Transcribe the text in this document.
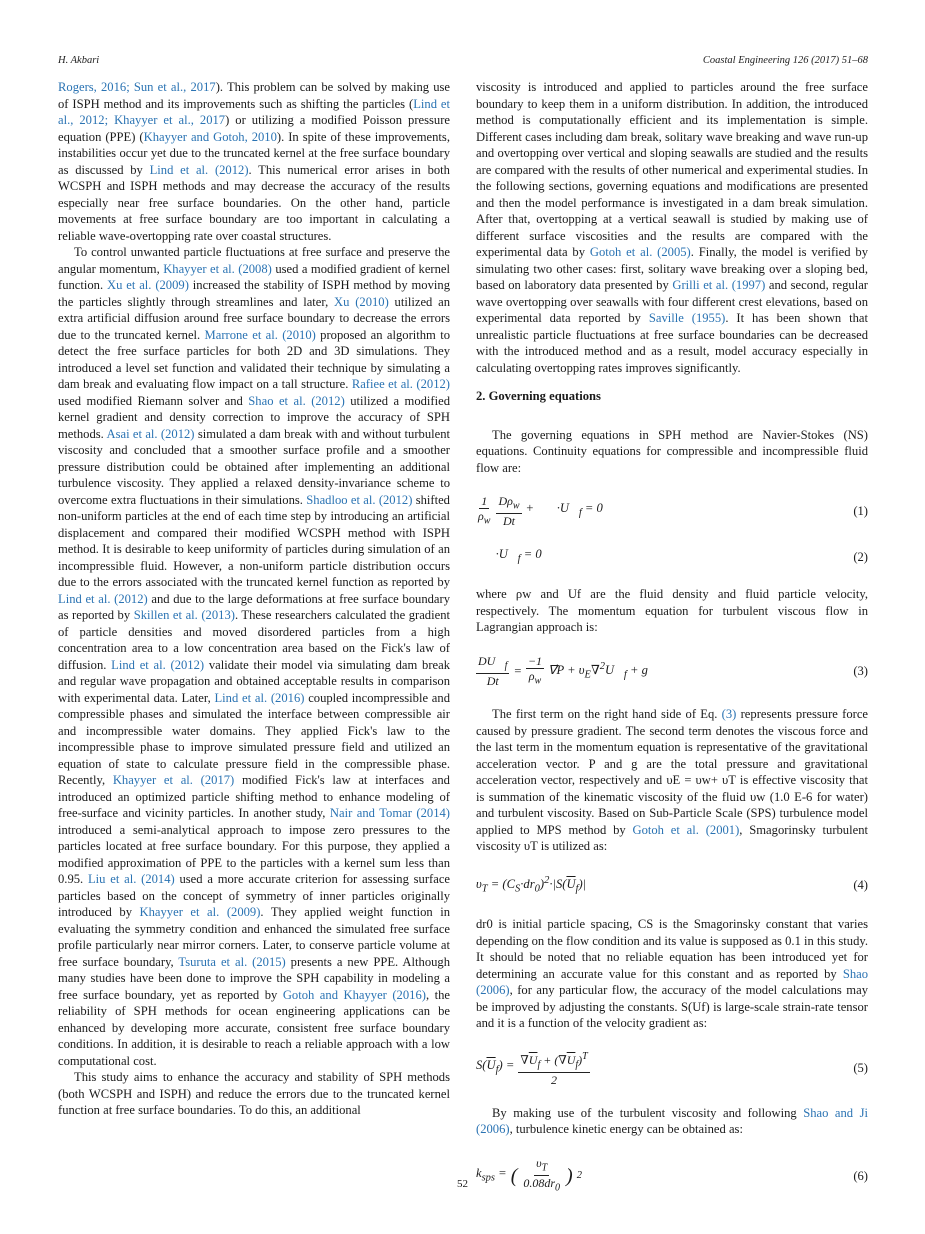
H. Akbari	Coastal Engineering 126 (2017) 51–68

Rogers, 2016; Sun et al., 2017). This problem can be solved by making use of ISPH method and its improvements such as shifting the particles (Lind et al., 2012; Khayyer et al., 2017) or utilizing a modified Poisson pressure equation (PPE) (Khayyer and Gotoh, 2010). In spite of these improvements, instabilities occur yet due to the truncated kernel at the free surface boundary as discussed by Lind et al. (2012). This numerical error arises in both WCSPH and ISPH methods and may decrease the accuracy of the results especially near free surface boundaries. On the other hand, particle movements at free surface boundary are too important in calculating a reliable wave-overtopping rate over coastal structures.

To control unwanted particle fluctuations at free surface and preserve the angular momentum, Khayyer et al. (2008) used a modified gradient of kernel function. Xu et al. (2009) increased the stability of ISPH method by moving the particles slightly through streamlines and later, Xu (2010) utilized an extra artificial diffusion around free surface boundary to decrease the errors due to the truncated kernel. Marrone et al. (2010) proposed an algorithm to detect the free surface particles for both 2D and 3D simulations. They introduced a level set function and validated their technique by simulating a dam break and evaluating flow impact on a tall structure. Rafiee et al. (2012) used modified Riemann solver and Shao et al. (2012) utilized a modified kernel gradient and density correction to improve the accuracy of SPH methods. Asai et al. (2012) simulated a dam break with and without turbulent viscosity and concluded that a smoother surface profile and a smoother pressure distribution could be obtained after implementing an additional turbulence viscosity. They applied a relaxed density-invariance scheme to overcome extra fluctuations in their simulations. Shadloo et al. (2012) shifted non-uniform particles at the end of each time step by introducing an artificial displacement and compared their modified WCSPH method with ISPH method. It is desirable to keep uniformity of particles during simulation of an incompressible fluid. However, a non-uniform particle distribution occurs due to the errors associated with the truncated kernel function as reported by Lind et al. (2012) and due to the large deformations at free surface boundary as reported by Skillen et al. (2013). These researchers calculated the gradient of particle densities and moved disordered particles from a high concentration area to a low concentration area based on the Fick's law of diffusion. Lind et al. (2012) validate their model via simulating dam break and regular wave propagation and obtained acceptable results in comparison with experimental data. Later, Lind et al. (2016) coupled incompressible and compressible phases and simulated the interface between compressible air and incompressible water domains. They applied Fick's law to the incompressible phase to improve simulated pressure field and utilized an equation of state to calculate pressure field in the compressible phase. Recently, Khayyer et al. (2017) modified Fick's law at interfaces and introduced an optimized particle shifting method to enhance modeling of free-surface and vicinity particles. In another study, Nair and Tomar (2014) introduced a semi-analytical approach to impose zero pressures to the particles located at free surface boundary. For this purpose, they applied a modified approximation of PPE to the particles with a kernel sum less than 0.95. Liu et al. (2014) used a more accurate criterion for assessing surface particles based on the concept of symmetry of inner particles originally introduced by Khayyer et al. (2009). They applied weight function in evaluating the symmetry condition and enhanced the simulated free surface profile particularly near mirror corners. Later, to conserve particle volume at free surface boundary, Tsuruta et al. (2015) presents a new PPE. Although many studies have been done to improve the SPH capability in modeling a free surface boundary, yet as reported by Gotoh and Khayyer (2016), the reliability of SPH methods for ocean engineering applications can be enhanced by developing more accurate, consistent free surface boundary conditions. In addition, it is desirable to reach a reliable approach with a low computational cost.

This study aims to enhance the accuracy and stability of SPH methods (both WCSPH and ISPH) and reduce the errors due to the truncated kernel function at free surface boundaries. To do this, an additional

viscosity is introduced and applied to particles around the free surface boundary to keep them in a uniform distribution. In addition, the introduced method is computationally efficient and its implementation is simple. Different cases including dam break, solitary wave breaking and wave run-up and overtopping over vertical and sloping seawalls are studied and the results are compared with the results of other numerical and experimental studies. In the following sections, governing equations and modifications are presented and then the model performance is investigated in a dam break simulation. After that, overtopping at a vertical seawall is studied by making use of different surface viscosities and the results are compared with the experimental data by Gotoh et al. (2005). Finally, the model is verified by simulating two other cases: first, solitary wave breaking over a sloping bed, based on laboratory data presented by Grilli et al. (1997) and second, regular wave overtopping over seawalls with four different crest elevations, based on experimental data reported by Saville (1955). It has been shown that unrealistic particle fluctuations at free surface boundaries can be decreased with the introduced method and as a result, model accuracy especially in calculating overtopping rates improves significantly.

2. Governing equations

The governing equations in SPH method are Navier-Stokes (NS) equations. Continuity equations for compressible and incompressible fluid flow are:

$\frac{1}{\rho_w} \frac{D\rho_w}{Dt}$ + $\nabla⃗\cdot U⃗_f = 0$	(1)
$\nabla⃗\cdot U⃗_f = 0$	(2)

where ρw and Uf are the fluid density and fluid particle velocity, respectively. The momentum equation for turbulent viscous flow in Lagrangian approach is:

$\frac{DU⃗_f}{Dt} = \frac{-1}{\rho_w}$ ∇⃗P + $\upsilon_E\nabla^2U⃗_f$ + g⃗	(3)

The first term on the right hand side of Eq. (3) represents pressure force caused by pressure gradient. The second term denotes the viscous force and the last term in the momentum equation is representative of the gravitational acceleration vector. P and g are the total pressure and gravitational acceleration vector, respectively and υE = υw+ υT is effective viscosity that is summation of the kinematic viscosity of the fluid υw (1.0 E-6 for water) and turbulent viscosity. Based on Sub-Particle Scale (SPS) turbulence model applied to MPS method by Gotoh et al. (2001), Smagorinsky turbulent viscosity υT is utilized as:

$\upsilon_T = (C_S\cdot dr_0)^2\cdot|S(\overline{U}_f)|$	(4)

dr0 is initial particle spacing, CS is the Smagorinsky constant that varies depending on the flow condition and its value is supposed as 0.1 in this study. It should be noted that no reliable equation has been introduced yet for determining an accurate value for this constant and as reported by Shao (2006), for any particular flow, the accuracy of the model calculations may be improved by adjusting the constants. S(Uf) is large-scale strain-rate tensor and it is a function of the velocity gradient as:

$S(\overline{U}_f) = \frac{\nabla\overline{U}_f + (\nabla\overline{U}_f)^T}{2}$	(5)

By making use of the turbulent viscosity and following Shao and Ji (2006), turbulence kinetic energy can be obtained as:

$k_{sps}$ = ( $\frac{\upsilon_T}{0.08dr_0}$ ) 2	(6)
52
